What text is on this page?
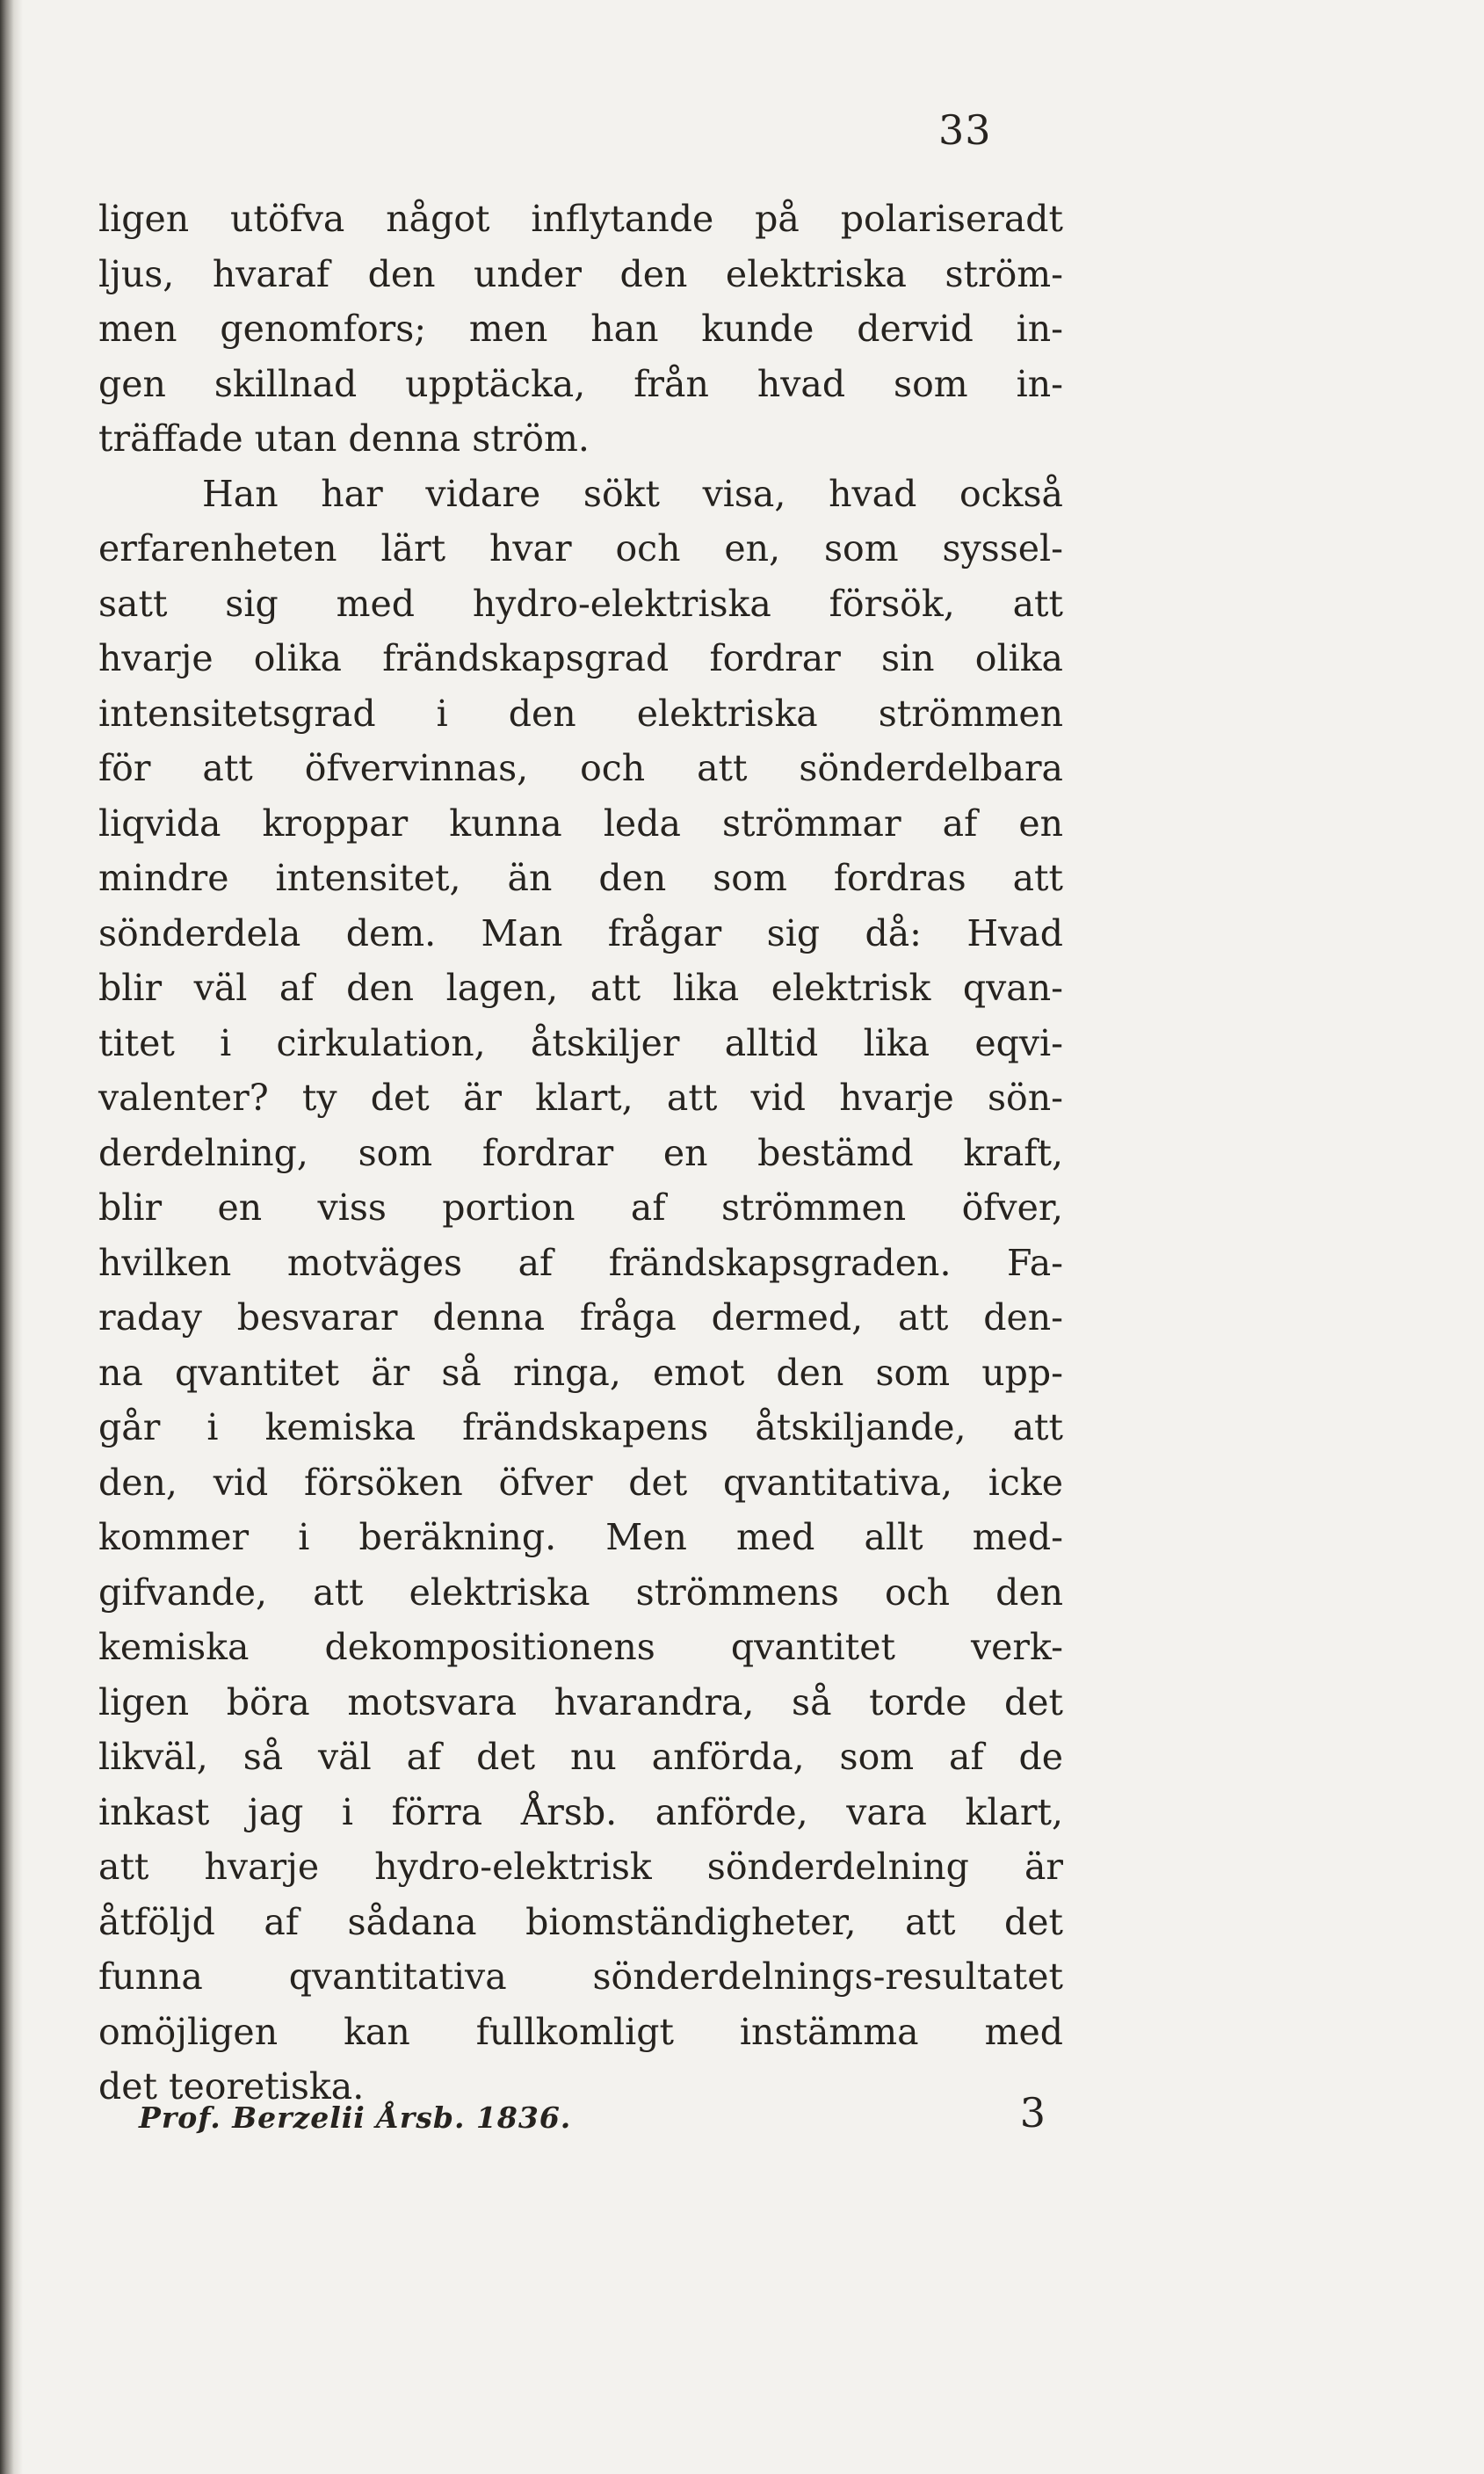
33
ligen utöfva något inflytande på polariseradt
ljus, hvaraf den under den elektriska ström-
men genomfors; men han kunde dervid in-
gen skillnad upptäcka, från hvad som in-
träffade utan denna ström.
Han har vidare sökt visa, hvad också
erfarenheten lärt hvar och en, som syssel-
satt sig med hydro-elektriska försök, att
hvarje olika frändskapsgrad fordrar sin olika
intensitetsgrad i den elektriska strömmen
för att öfvervinnas, och att sönderdelbara
liqvida kroppar kunna leda strömmar af en
mindre intensitet, än den som fordras att
sönderdela dem. Man frågar sig då: Hvad
blir väl af den lagen, att lika elektrisk qvan-
titet i cirkulation, åtskiljer alltid lika eqvi-
valenter? ty det är klart, att vid hvarje sön-
derdelning, som fordrar en bestämd kraft,
blir en viss portion af strömmen öfver,
hvilken motväges af frändskapsgraden. Fa-
raday besvarar denna fråga dermed, att den-
na qvantitet är så ringa, emot den som upp-
går i kemiska frändskapens åtskiljande, att
den, vid försöken öfver det qvantitativa, icke
kommer i beräkning. Men med allt med-
gifvande, att elektriska strömmens och den
kemiska dekompositionens qvantitet verk-
ligen böra motsvara hvarandra, så torde det
likväl, så väl af det nu anförda, som af de
inkast jag i förra Årsb. anförde, vara klart,
att hvarje hydro-elektrisk sönderdelning är
åtföljd af sådana biomständigheter, att det
funna qvantitativa sönderdelnings-resultatet
omöjligen kan fullkomligt instämma med
det teoretiska.
Prof. Berzelii Årsb. 1836.	3
